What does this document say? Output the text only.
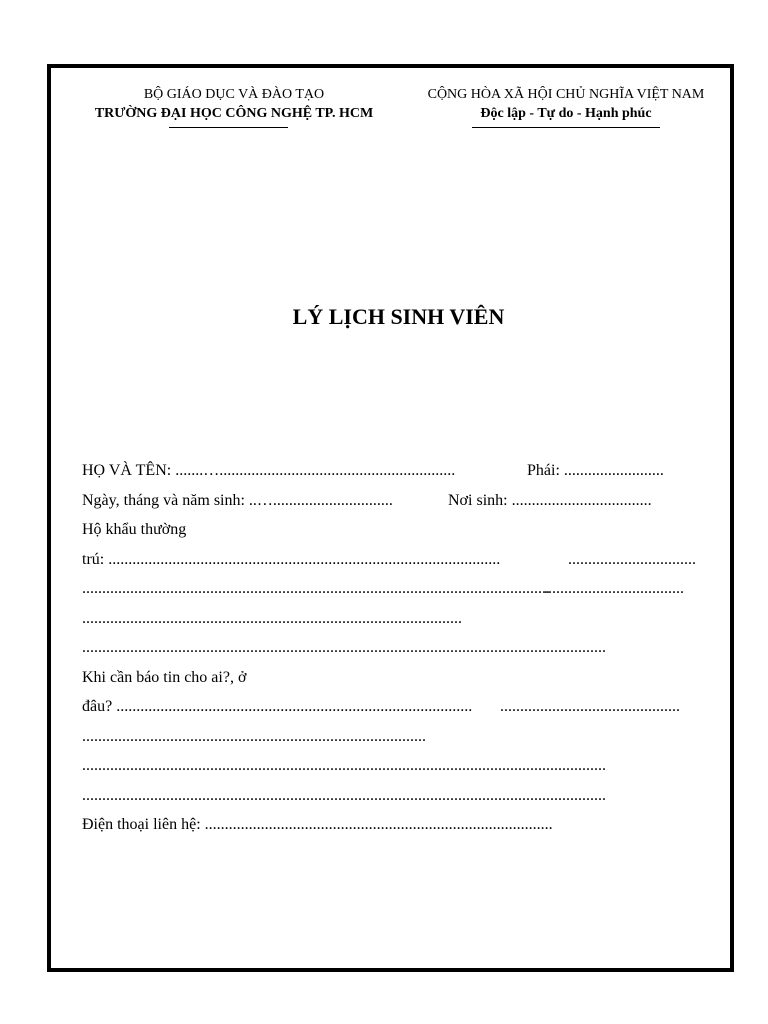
BỘ GIÁO DỤC VÀ ĐÀO TẠO
TRƯỜNG ĐẠI HỌC CÔNG NGHỆ TP. HCM
CỘNG HÒA XÃ HỘI CHỦ NGHĨA VIỆT NAM
Độc lập - Tự do - Hạnh phúc
LÝ LỊCH SINH VIÊN
HỌ VÀ TÊN: .......…...........................................................	Phái: .........................
Ngày, tháng và năm sinh: ..…..............................	Nơi sinh: ...................................
Hộ khẩu thường
trú: ..................................................................................................	................................
.....................................................................................................................
...................................
...............................................................................................
...................................................................................................................................
Khi cần báo tin cho ai?, ở
đâu? ......................................................................................... .............................................
......................................................................................
...................................................................................................................................
...................................................................................................................................
Điện thoại liên hệ: .......................................................................................
